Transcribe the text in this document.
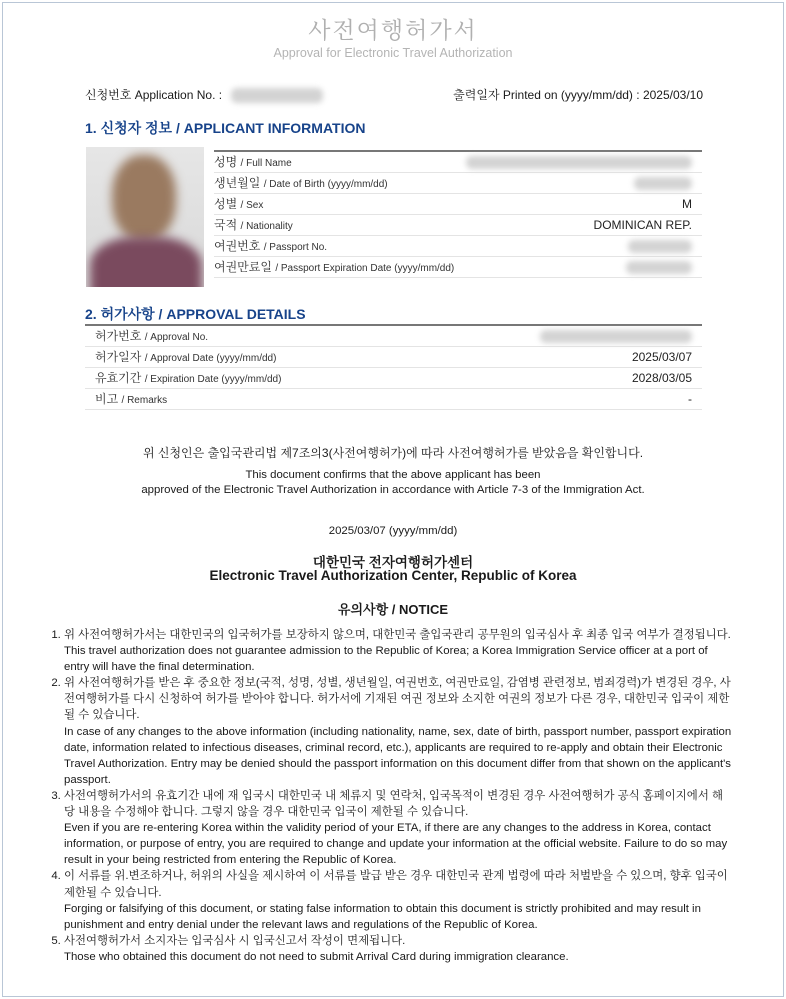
사전여행허가서
Approval for Electronic Travel Authorization
신청번호 Application No. :	출력일자 Printed on (yyyy/mm/dd) : 2025/03/10
1. 신청자 정보 / APPLICANT INFORMATION
성명 / Full Name	
생년월일 / Date of Birth (yyyy/mm/dd)	
성별 / Sex	M
국적 / Nationality	DOMINICAN REP.
여권번호 / Passport No.	
여권만료일 / Passport Expiration Date (yyyy/mm/dd)	
2. 허가사항 / APPROVAL DETAILS
허가번호 / Approval No.	
허가일자 / Approval Date (yyyy/mm/dd)	2025/03/07
유효기간 / Expiration Date (yyyy/mm/dd)	2028/03/05
비고 / Remarks	-
위 신청인은 출입국관리법 제7조의3(사전여행허가)에 따라 사전여행허가를 받았음을 확인합니다.
This document confirms that the above applicant has been
approved of the Electronic Travel Authorization in accordance with Article 7-3 of the Immigration Act.
2025/03/07 (yyyy/mm/dd)
대한민국 전자여행허가센터
Electronic Travel Authorization Center, Republic of Korea
유의사항 / NOTICE
1. 위 사전여행허가서는 대한민국의 입국허가를 보장하지 않으며, 대한민국 출입국관리 공무원의 입국심사 후 최종 입국 여부가 결정됩니다.
This travel authorization does not guarantee admission to the Republic of Korea; a Korea Immigration Service officer at a port of entry will have the final determination.
2. 위 사전여행허가를 받은 후 중요한 정보(국적, 성명, 성별, 생년월일, 여권번호, 여권만료일, 감염병 관련정보, 범죄경력)가 변경된 경우, 사전여행허가를 다시 신청하여 허가를 받아야 합니다. 허가서에 기재된 여권 정보와 소지한 여권의 정보가 다른 경우, 대한민국 입국이 제한될 수 있습니다.
In case of any changes to the above information (including nationality, name, sex, date of birth, passport number, passport expiration date, information related to infectious diseases, criminal record, etc.), applicants are required to re-apply and obtain their Electronic Travel Authorization. Entry may be denied should the passport information on this document differ from that shown on the applicant's passport.
3. 사전여행허가서의 유효기간 내에 재 입국시 대한민국 내 체류지 및 연락처, 입국목적이 변경된 경우 사전여행허가 공식 홈페이지에서 해당 내용을 수정해야 합니다. 그렇지 않을 경우 대한민국 입국이 제한될 수 있습니다.
Even if you are re-entering Korea within the validity period of your ETA, if there are any changes to the address in Korea, contact information, or purpose of entry, you are required to change and update your information at the official website. Failure to do so may result in your being restricted from entering the Republic of Korea.
4. 이 서류를 위.변조하거나, 허위의 사실을 제시하여 이 서류를 발급 받은 경우 대한민국 관계 법령에 따라 처벌받을 수 있으며, 향후 입국이 제한될 수 있습니다.
Forging or falsifying of this document, or stating false information to obtain this document is strictly prohibited and may result in punishment and entry denial under the relevant laws and regulations of the Republic of Korea.
5. 사전여행허가서 소지자는 입국심사 시 입국신고서 작성이 면제됩니다.
Those who obtained this document do not need to submit Arrival Card during immigration clearance.
